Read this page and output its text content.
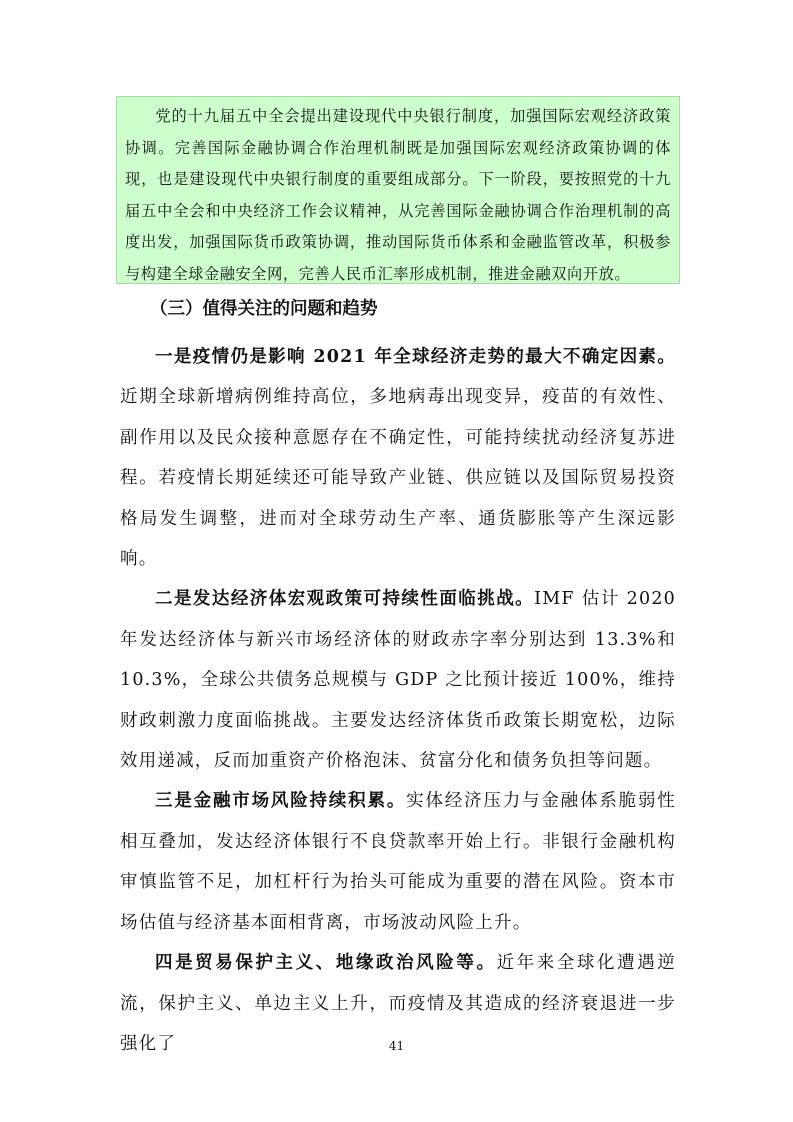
党的十九届五中全会提出建设现代中央银行制度，加强国际宏观经济政策协调。完善国际金融协调合作治理机制既是加强国际宏观经济政策协调的体现，也是建设现代中央银行制度的重要组成部分。下一阶段，要按照党的十九届五中全会和中央经济工作会议精神，从完善国际金融协调合作治理机制的高度出发，加强国际货币政策协调，推动国际货币体系和金融监管改革，积极参与构建全球金融安全网，完善人民币汇率形成机制，推进金融双向开放。

（三）值得关注的问题和趋势

一是疫情仍是影响 2021 年全球经济走势的最大不确定因素。近期全球新增病例维持高位，多地病毒出现变异，疫苗的有效性、副作用以及民众接种意愿存在不确定性，可能持续扰动经济复苏进程。若疫情长期延续还可能导致产业链、供应链以及国际贸易投资格局发生调整，进而对全球劳动生产率、通货膨胀等产生深远影响。

二是发达经济体宏观政策可持续性面临挑战。IMF 估计 2020 年发达经济体与新兴市场经济体的财政赤字率分别达到 13.3%和 10.3%，全球公共债务总规模与 GDP 之比预计接近 100%，维持财政刺激力度面临挑战。主要发达经济体货币政策长期宽松，边际效用递减，反而加重资产价格泡沫、贫富分化和债务负担等问题。

三是金融市场风险持续积累。实体经济压力与金融体系脆弱性相互叠加，发达经济体银行不良贷款率开始上行。非银行金融机构审慎监管不足，加杠杆行为抬头可能成为重要的潜在风险。资本市场估值与经济基本面相背离，市场波动风险上升。

四是贸易保护主义、地缘政治风险等。近年来全球化遭遇逆流，保护主义、单边主义上升，而疫情及其造成的经济衰退进一步强化了	41
